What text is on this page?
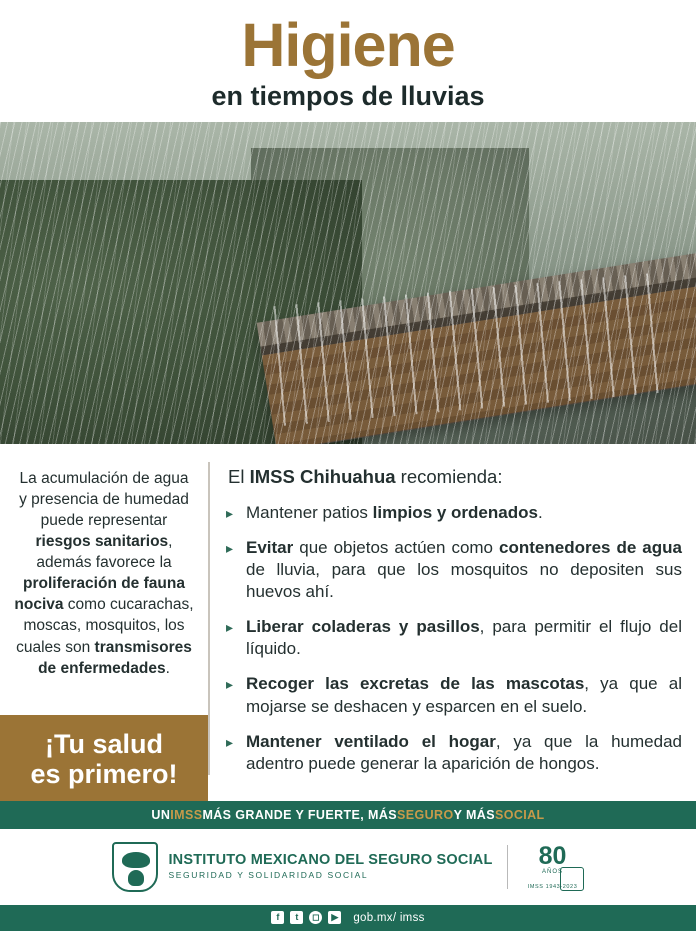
Higiene
en tiempos de lluvias
La acumulación de agua y presencia de humedad puede representar riesgos sanitarios, además favorece la proliferación de fauna nociva como cucarachas, moscas, mosquitos, los cuales son transmisores de enfermedades.
¡Tu salud
es primero!
El IMSS Chihuahua recomienda:
▸ Mantener patios limpios y ordenados.
▸ Evitar que objetos actúen como contenedores de agua de lluvia, para que los mosquitos no depositen sus huevos ahí.
▸ Liberar coladeras y pasillos, para permitir el flujo del líquido.
▸ Recoger las excretas de las mascotas, ya que al mojarse se deshacen y esparcen en el suelo.
▸ Mantener ventilado el hogar, ya que la humedad adentro puede generar la aparición de hongos.
UN IMSS MÁS GRANDE Y FUERTE, MÁS SEGURO Y MÁS SOCIAL
INSTITUTO MEXICANO DEL SEGURO SOCIAL
SEGURIDAD Y SOLIDARIDAD SOCIAL
80
AÑOS
IMSS 1943-2023
f	t	◻	▶ gob.mx/ imss
